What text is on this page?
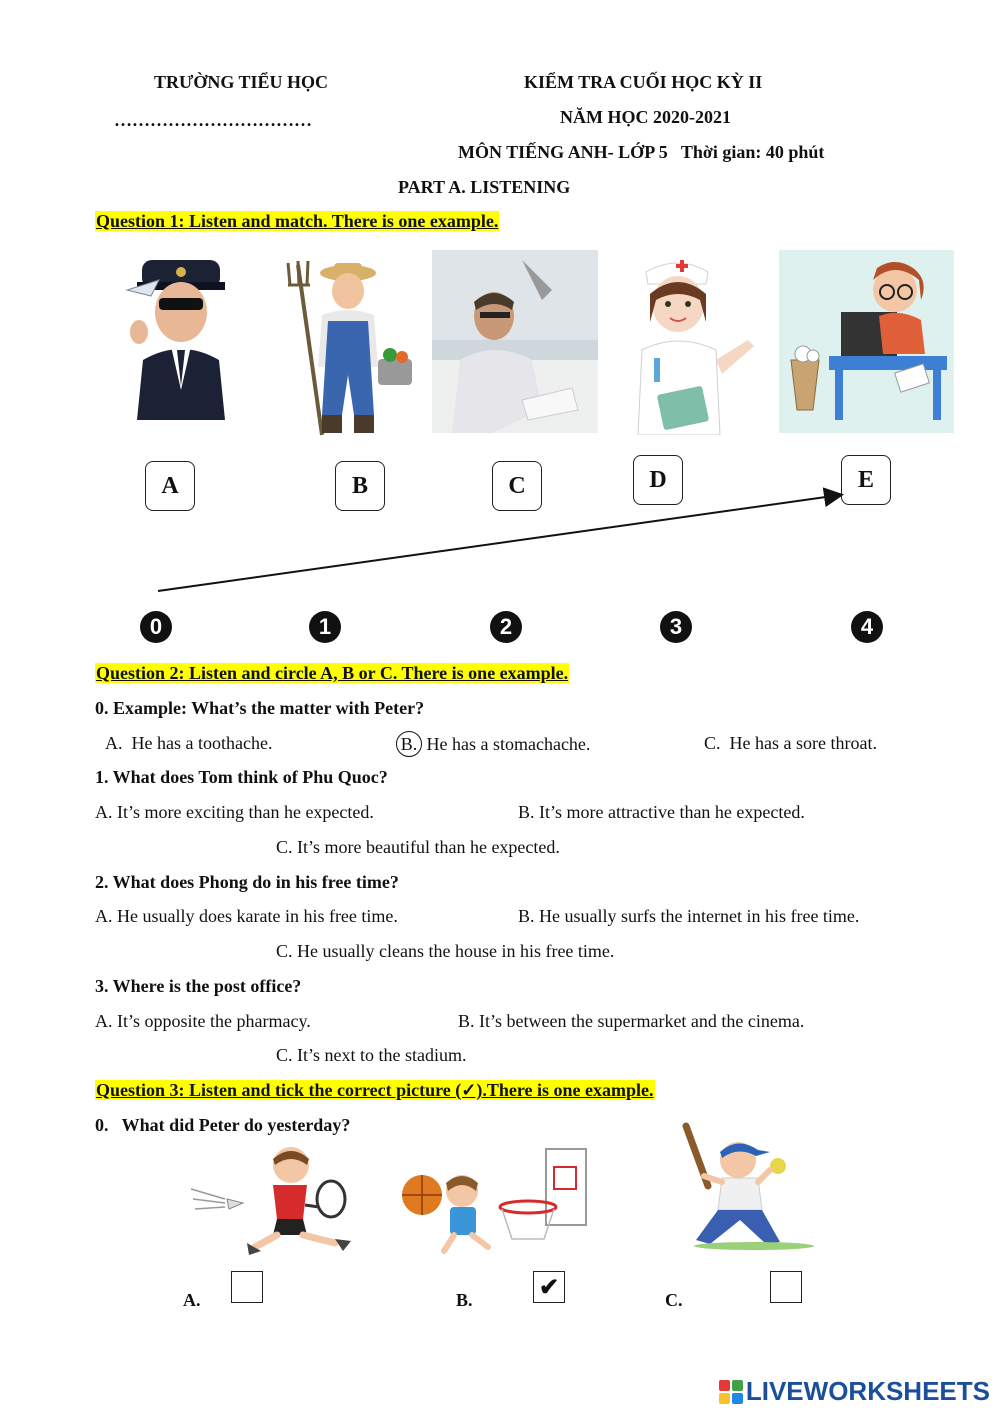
TRƯỜNG TIỂU HỌC
……………………………
KIỂM TRA CUỐI HỌC KỲ II
NĂM HỌC 2020-2021
MÔN TIẾNG ANH- LỚP 5   Thời gian: 40 phút
PART A. LISTENING
Question 1: Listen and match. There is one example.
A	B	C	D	E
0	1	2	3	4
Question 2: Listen and circle A, B or C. There is one example.
0. Example: What’s the matter with Peter?
A.  He has a toothache.	B. He has a stomachache.	C.  He has a sore throat.
1. What does Tom think of Phu Quoc?
A. It’s more exciting than he expected.	B. It’s more attractive than he expected.
C. It’s more beautiful than he expected.
2. What does Phong do in his free time?
A. He usually does karate in his free time.	B. He usually surfs the internet in his free time.
C. He usually cleans the house in his free time.
3. Where is the post office?
A. It’s opposite the pharmacy.	B. It’s between the supermarket and the cinema.
C. It’s next to the stadium.
Question 3: Listen and tick the correct picture (✓).There is one example.
0.   What did Peter do yesterday?
A.	B.	✔	C.
LIVEWORKSHEETS
